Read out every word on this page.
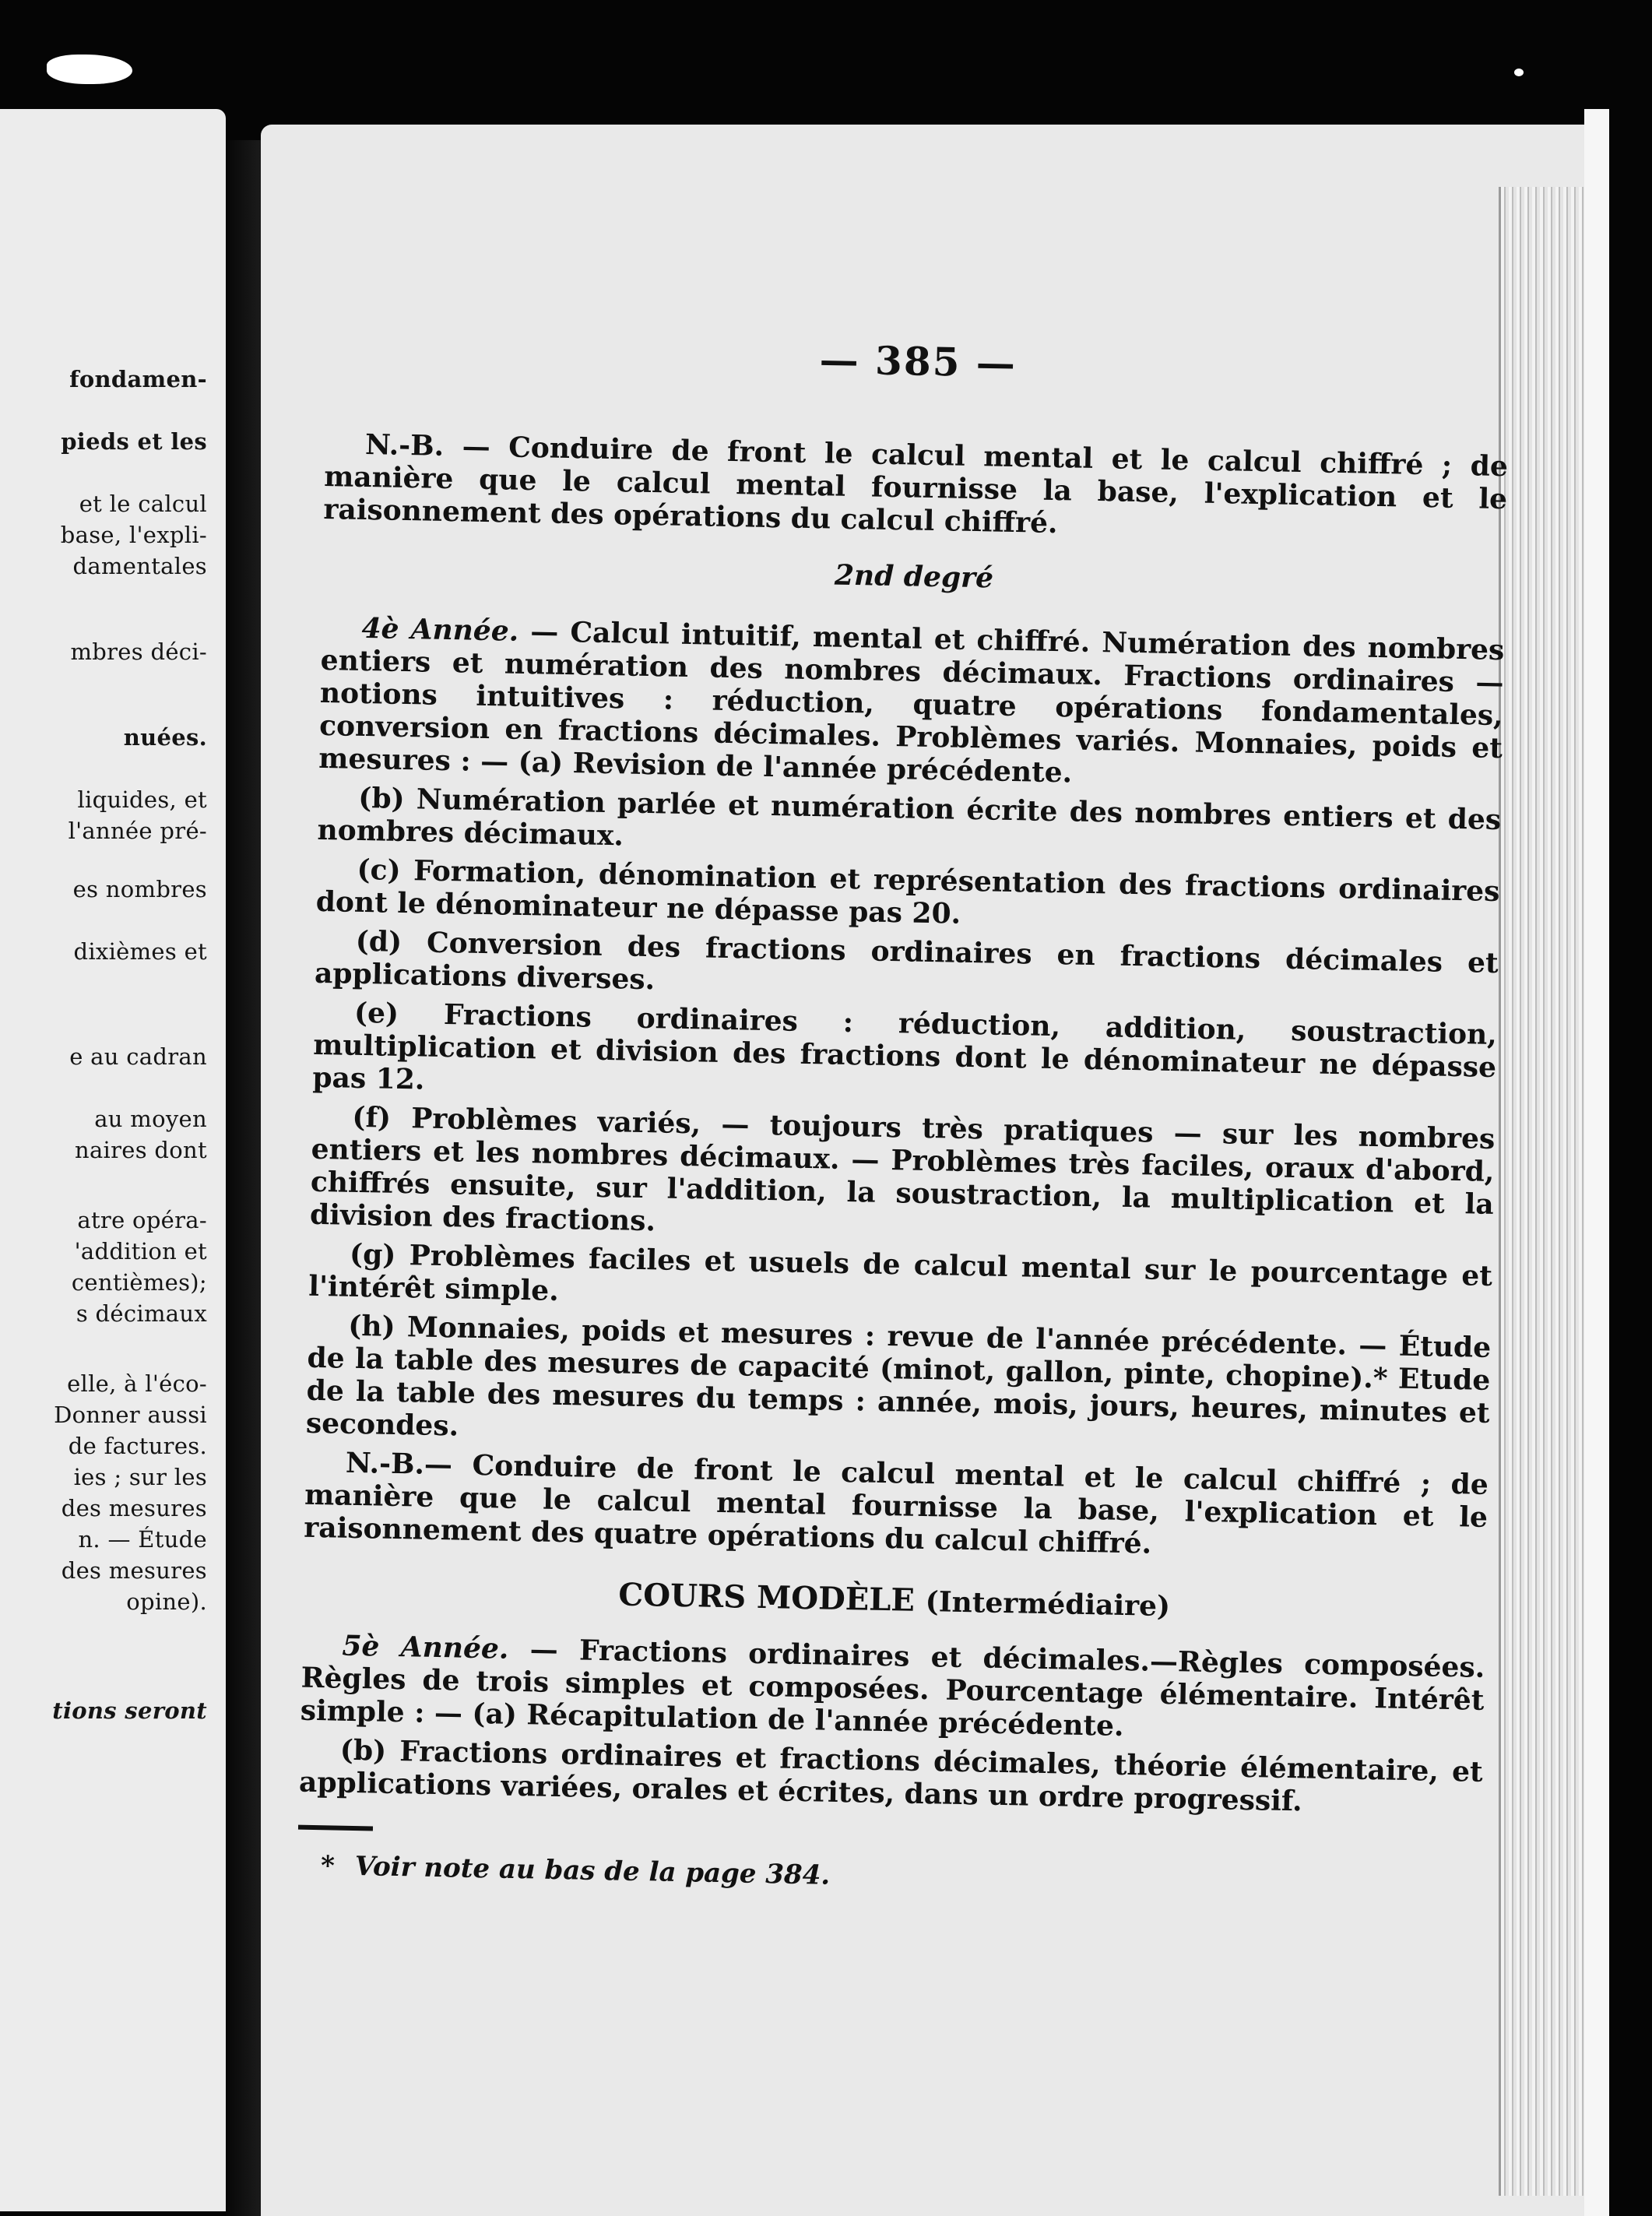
fondamen-
pieds et les
et le calcul
base, l'expli-
damentales
mbres déci-
nuées.
liquides, et
l'année pré-
es nombres
dixièmes et
e au cadran
au moyen
naires dont
atre opéra-
'addition et
centièmes);
s décimaux
elle, à l'éco-
Donner aussi
de factures.
ies ; sur les
des mesures
n. — Étude
des mesures
opine).
tions seront
— 385 —

N.-B. — Conduire de front le calcul mental et le calcul chiffré ; de manière que le calcul mental fournisse la base, l'explication et le raisonnement des opérations du calcul chiffré.

2nd degré

4è Année. — Calcul intuitif, mental et chiffré. Numération des nombres entiers et numération des nombres décimaux. Fractions ordinaires — notions intuitives : réduction, quatre opérations fondamentales, conversion en fractions décimales. Problèmes variés. Monnaies, poids et mesures : — (a) Revision de l'année précédente.

(b) Numération parlée et numération écrite des nombres entiers et des nombres décimaux.

(c) Formation, dénomination et représentation des fractions ordinaires dont le dénominateur ne dépasse pas 20.

(d) Conversion des fractions ordinaires en fractions décimales et applications diverses.

(e) Fractions ordinaires : réduction, addition, soustraction, multiplication et division des fractions dont le dénominateur ne dépasse pas 12.

(f) Problèmes variés, — toujours très pratiques — sur les nombres entiers et les nombres décimaux. — Problèmes très faciles, oraux d'abord, chiffrés ensuite, sur l'addition, la soustraction, la multiplication et la division des fractions.

(g) Problèmes faciles et usuels de calcul mental sur le pourcentage et l'intérêt simple.

(h) Monnaies, poids et mesures : revue de l'année précédente. — Étude de la table des mesures de capacité (minot, gallon, pinte, chopine).* Etude de la table des mesures du temps : année, mois, jours, heures, minutes et secondes.

N.-B.— Conduire de front le calcul mental et le calcul chiffré ; de manière que le calcul mental fournisse la base, l'explication et le raisonnement des quatre opérations du calcul chiffré.

COURS MODÈLE (Intermédiaire)

5è Année. — Fractions ordinaires et décimales.—Règles composées. Règles de trois simples et composées. Pourcentage élémentaire. Intérêt simple : — (a) Récapitulation de l'année précédente.

(b) Fractions ordinaires et fractions décimales, théorie élémentaire, et applications variées, orales et écrites, dans un ordre progressif.

* Voir note au bas de la page 384.
